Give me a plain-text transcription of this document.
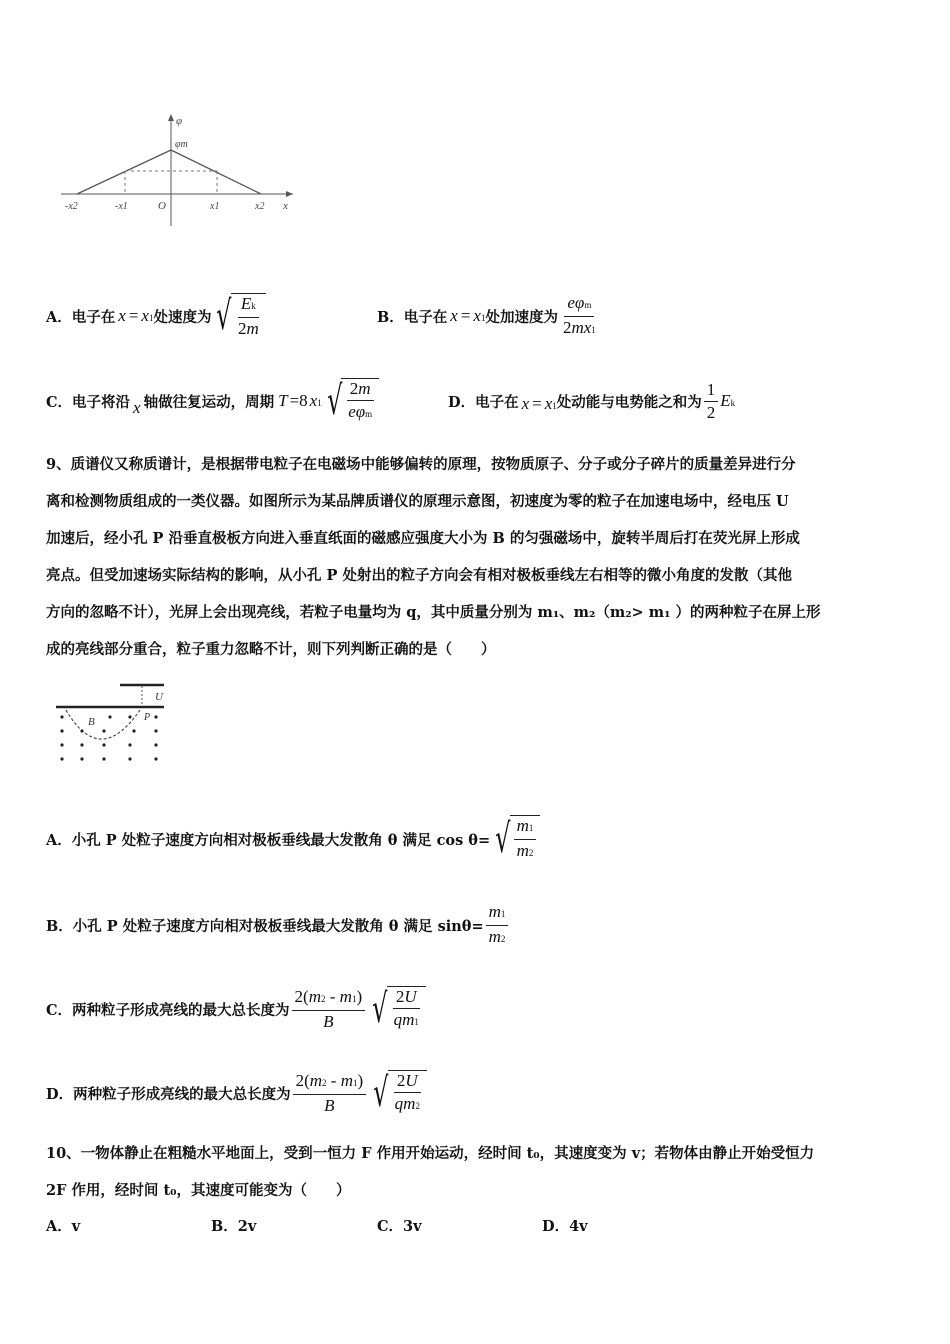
φ
φm
-x2	-x1	O	x1	x2 x
A． 电子在 x = x1 处速度为 √ $\frac{Ek}{2m}$	B． 电子在 x = x1 处加速度为 $\frac{\text{eφm}}{2mx1}$
C． 电子将沿 x 轴做往复运动，周期 T =8 x1 √ $\frac{2m}{\text{eφm}}$	D． 电子在 x = x1 处动能与电势能之和为 $\frac{1}{2}$ Ek
9、质谱仪又称质谱计，是根据带电粒子在电磁场中能够偏转的原理，按物质原子、分子或分子碎片的质量差异进行分
离和检测物质组成的一类仪器。如图所示为某品牌质谱仪的原理示意图，初速度为零的粒子在加速电场中，经电压 U
加速后，经小孔 P 沿垂直极板方向进入垂直纸面的磁感应强度大小为 B 的匀强磁场中，旋转半周后打在荧光屏上形成
亮点。但受加速场实际结构的影响，从小孔 P 处射出的粒子方向会有相对极板垂线左右相等的微小角度的发散（其他
方向的忽略不计），光屏上会出现亮线，若粒子电量均为 q，其中质量分别为 m₁、m₂（m₂> m₁ ）的两种粒子在屏上形
成的亮线部分重合，粒子重力忽略不计，则下列判断正确的是（　　）
U
B	P
A．小孔 P 处粒子速度方向相对极板垂线最大发散角 θ 满足 cos θ= √ $\frac{m1}{m2}$
B．小孔 P 处粒子速度方向相对极板垂线最大发散角 θ 满足 $\sin\theta= \frac{m1}{m2}$
C．两种粒子形成亮线的最大总长度为 $\frac{2(m2 - m1)}{B}$ √ $\frac{2U}{qm1}$
D．两种粒子形成亮线的最大总长度为 $\frac{2(m2 - m1)}{B}$ √ $\frac{2U}{qm2}$
10、一物体静止在粗糙水平地面上，受到一恒力 F 作用开始运动，经时间 t₀，其速度变为 v；若物体由静止开始受恒力
2F 作用，经时间 t₀，其速度可能变为（　　）
A．v	B．2v	C．3v	D．4v
